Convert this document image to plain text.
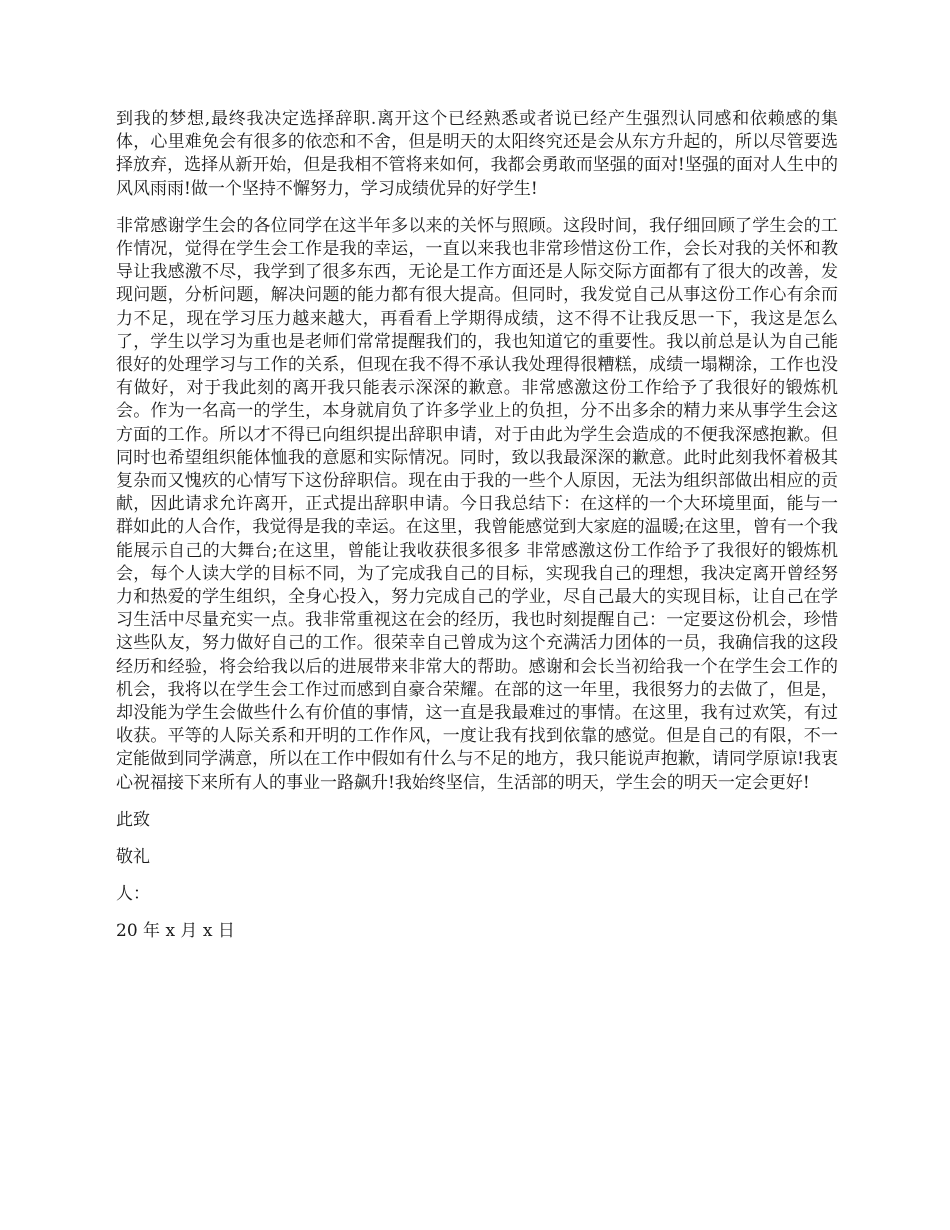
到我的梦想,最终我决定选择辞职.离开这个已经熟悉或者说已经产生强烈认同感和依赖感的集体，心里难免会有很多的依恋和不舍，但是明天的太阳终究还是会从东方升起的，所以尽管要选择放弃，选择从新开始，但是我相不管将来如何，我都会勇敢而坚强的面对!坚强的面对人生中的风风雨雨!做一个坚持不懈努力，学习成绩优异的好学生!

非常感谢学生会的各位同学在这半年多以来的关怀与照顾。这段时间，我仔细回顾了学生会的工作情况，觉得在学生会工作是我的幸运，一直以来我也非常珍惜这份工作，会长对我的关怀和教导让我感激不尽，我学到了很多东西，无论是工作方面还是人际交际方面都有了很大的改善，发现问题，分析问题，解决问题的能力都有很大提高。但同时，我发觉自己从事这份工作心有余而力不足，现在学习压力越来越大，再看看上学期得成绩，这不得不让我反思一下，我这是怎么了，学生以学习为重也是老师们常常提醒我们的，我也知道它的重要性。我以前总是认为自己能很好的处理学习与工作的关系，但现在我不得不承认我处理得很糟糕，成绩一塌糊涂，工作也没有做好，对于我此刻的离开我只能表示深深的歉意。非常感激这份工作给予了我很好的锻炼机会。作为一名高一的学生，本身就肩负了许多学业上的负担，分不出多余的精力来从事学生会这方面的工作。所以才不得已向组织提出辞职申请，对于由此为学生会造成的不便我深感抱歉。但同时也希望组织能体恤我的意愿和实际情况。同时，致以我最深深的歉意。此时此刻我怀着极其复杂而又愧疚的心情写下这份辞职信。现在由于我的一些个人原因，无法为组织部做出相应的贡献，因此请求允许离开，正式提出辞职申请。今日我总结下：在这样的一个大环境里面，能与一群如此的人合作，我觉得是我的幸运。在这里，我曾能感觉到大家庭的温暖;在这里，曾有一个我能展示自己的大舞台;在这里，曾能让我收获很多很多 非常感激这份工作给予了我很好的锻炼机会，每个人读大学的目标不同，为了完成我自己的目标，实现我自己的理想，我决定离开曾经努力和热爱的学生组织，全身心投入，努力完成自己的学业，尽自己最大的实现目标，让自己在学习生活中尽量充实一点。我非常重视这在会的经历，我也时刻提醒自己：一定要这份机会，珍惜这些队友，努力做好自己的工作。很荣幸自己曾成为这个充满活力团体的一员，我确信我的这段经历和经验，将会给我以后的进展带来非常大的帮助。感谢和会长当初给我一个在学生会工作的机会，我将以在学生会工作过而感到自豪合荣耀。在部的这一年里，我很努力的去做了，但是，却没能为学生会做些什么有价值的事情，这一直是我最难过的事情。在这里，我有过欢笑，有过收获。平等的人际关系和开明的工作作风，一度让我有找到依靠的感觉。但是自己的有限，不一定能做到同学满意，所以在工作中假如有什么与不足的地方，我只能说声抱歉，请同学原谅!我衷心祝福接下来所有人的事业一路飙升!我始终坚信，生活部的明天，学生会的明天一定会更好!

此致

敬礼

人：

20 年 x 月 x 日
